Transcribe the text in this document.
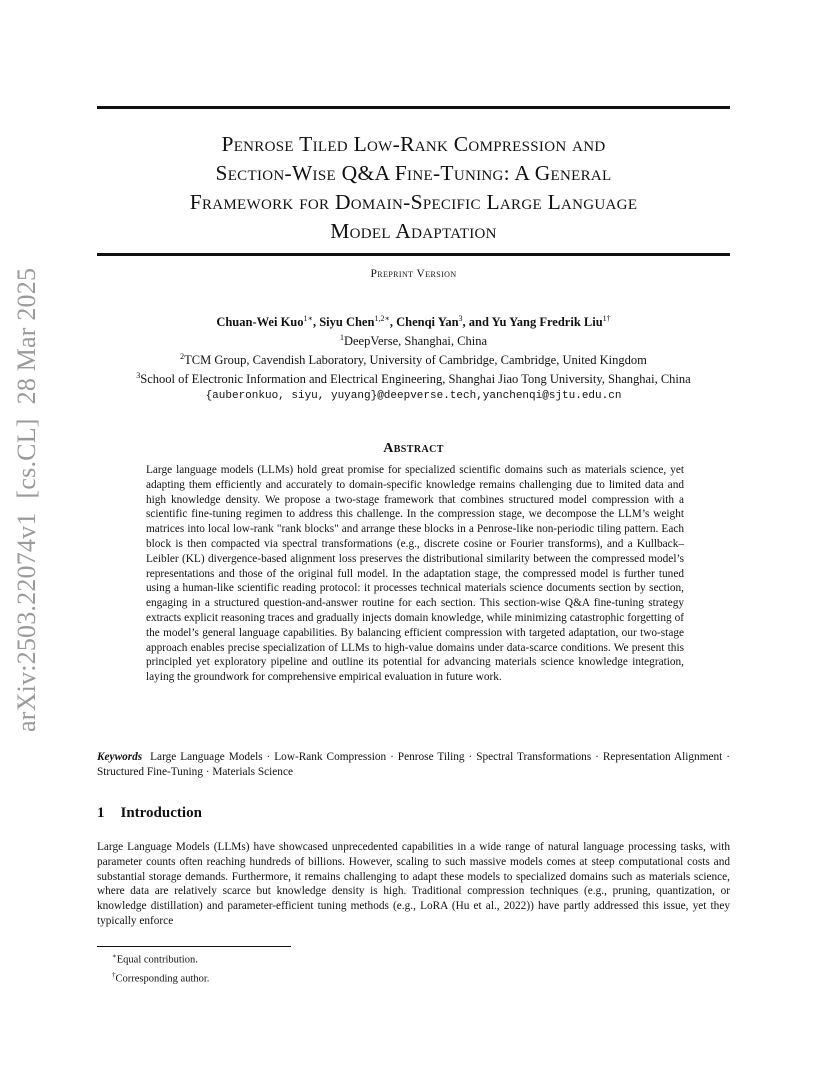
arXiv:2503.22074v1[cs.CL]28 Mar 2025
Penrose Tiled Low-Rank Compression and
Section-Wise Q&A Fine-Tuning: A General
Framework for Domain-Specific Large Language
Model Adaptation
Preprint Version
Chuan-Wei Kuo$^{1∗}$, Siyu Chen$^{1,2∗}$, Chenqi Yan$^3$, and Yu Yang Fredrik Liu$^{1\dagger}$
$^1$DeepVerse, Shanghai, China
$^2$TCM Group, Cavendish Laboratory, University of Cambridge, Cambridge, United Kingdom
$^3$School of Electronic Information and Electrical Engineering, Shanghai Jiao Tong University, Shanghai, China
{auberonkuo, siyu, yuyang}@deepverse.tech,yanchenqi@sjtu.edu.cn
Abstract
Large language models (LLMs) hold great promise for specialized scientific domains such as materials science, yet adapting them efficiently and accurately to domain-specific knowledge remains challenging due to limited data and high knowledge density. We propose a two-stage framework that combines structured model compression with a scientific fine-tuning regimen to address this challenge. In the compression stage, we decompose the LLM’s weight matrices into local low-rank "rank blocks" and arrange these blocks in a Penrose-like non-periodic tiling pattern. Each block is then compacted via spectral transformations (e.g., discrete cosine or Fourier transforms), and a Kullback–Leibler (KL) divergence-based alignment loss preserves the distributional similarity between the compressed model’s representations and those of the original full model. In the adaptation stage, the compressed model is further tuned using a human-like scientific reading protocol: it processes technical materials science documents section by section, engaging in a structured question-and-answer routine for each section. This section-wise Q&A fine-tuning strategy extracts explicit reasoning traces and gradually injects domain knowledge, while minimizing catastrophic forgetting of the model’s general language capabilities. By balancing efficient compression with targeted adaptation, our two-stage approach enables precise specialization of LLMs to high-value domains under data-scarce conditions. We present this principled yet exploratory pipeline and outline its potential for advancing materials science knowledge integration, laying the groundwork for comprehensive empirical evaluation in future work.
Keywords Large Language Models · Low-Rank Compression · Penrose Tiling · Spectral Transformations · Representation Alignment · Structured Fine-Tuning · Materials Science
1 Introduction
Large Language Models (LLMs) have showcased unprecedented capabilities in a wide range of natural language processing tasks, with parameter counts often reaching hundreds of billions. However, scaling to such massive models comes at steep computational costs and substantial storage demands. Furthermore, it remains challenging to adapt these models to specialized domains such as materials science, where data are relatively scarce but knowledge density is high. Traditional compression techniques (e.g., pruning, quantization, or knowledge distillation) and parameter-efficient tuning methods (e.g., LoRA (Hu et al., 2022)) have partly addressed this issue, yet they typically enforce
∗Equal contribution.
†Corresponding author.
